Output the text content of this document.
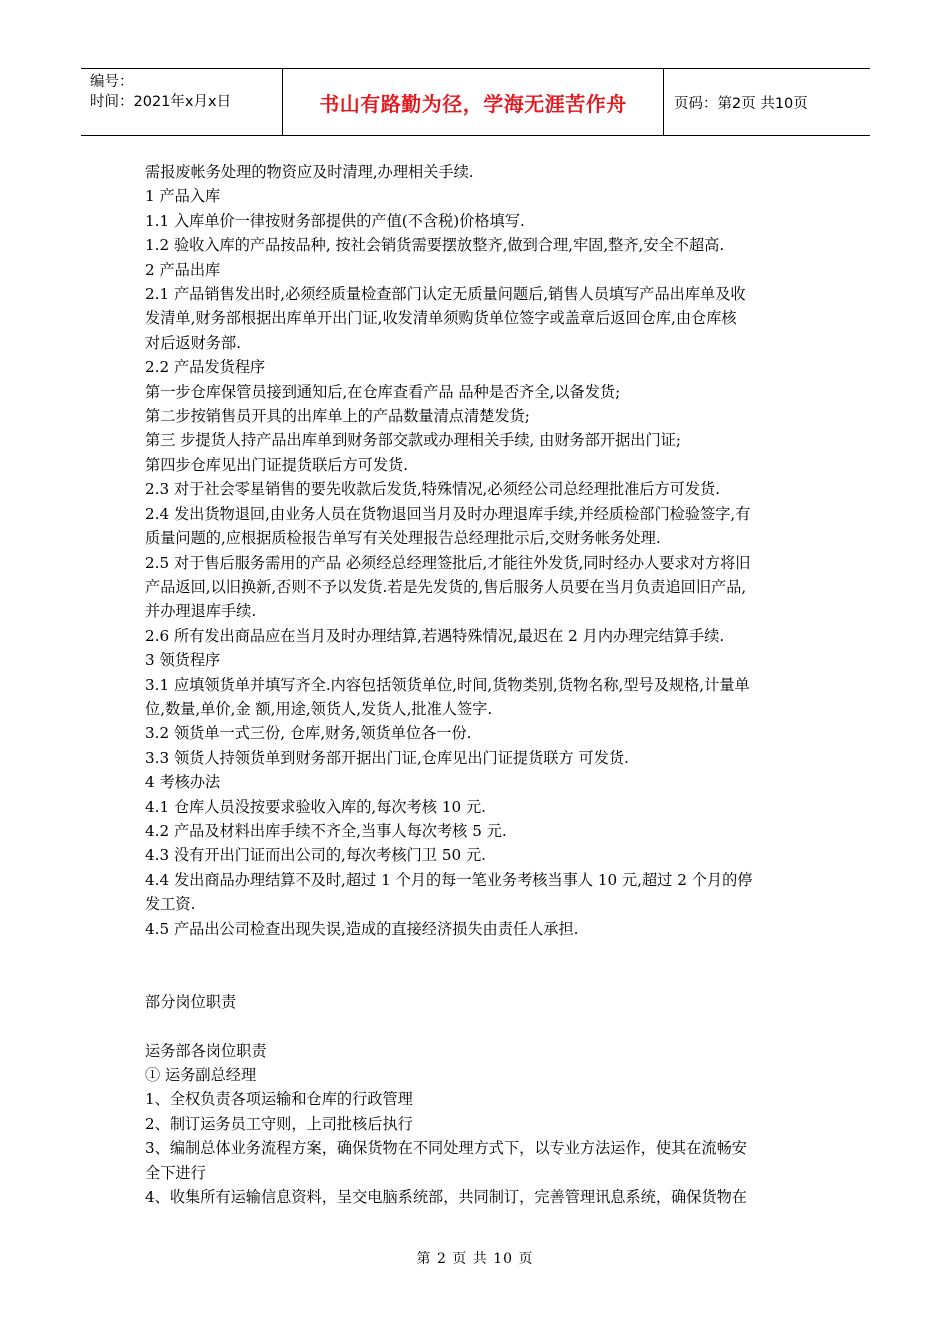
编号：
时间：2021年x月x日	书山有路勤为径，学海无涯苦作舟	页码：第2页 共10页
需报废帐务处理的物资应及时清理,办理相关手续.
1 产品入库
1.1 入库单价一律按财务部提供的产值(不含税)价格填写.
1.2 验收入库的产品按品种, 按社会销货需要摆放整齐,做到合理,牢固,整齐,安全不超高.
2 产品出库
2.1 产品销售发出时,必须经质量检查部门认定无质量问题后,销售人员填写产品出库单及收
发清单,财务部根据出库单开出门证,收发清单须购货单位签字或盖章后返回仓库,由仓库核
对后返财务部.
2.2 产品发货程序
第一步仓库保管员接到通知后,在仓库查看产品 品种是否齐全,以备发货;
第二步按销售员开具的出库单上的产品数量清点清楚发货;
第三 步提货人持产品出库单到财务部交款或办理相关手续, 由财务部开据出门证;
第四步仓库见出门证提货联后方可发货.
2.3 对于社会零星销售的要先收款后发货,特殊情况,必须经公司总经理批准后方可发货.
2.4 发出货物退回,由业务人员在货物退回当月及时办理退库手续,并经质检部门检验签字,有
质量问题的,应根据质检报告单写有关处理报告总经理批示后,交财务帐务处理.
2.5 对于售后服务需用的产品 必须经总经理签批后,才能往外发货,同时经办人要求对方将旧
产品返回,以旧换新,否则不予以发货.若是先发货的,售后服务人员要在当月负责追回旧产品,
并办理退库手续.
2.6 所有发出商品应在当月及时办理结算,若遇特殊情况,最迟在 2 月内办理完结算手续.
3 领货程序
3.1 应填领货单并填写齐全.内容包括领货单位,时间,货物类别,货物名称,型号及规格,计量单
位,数量,单价,金 额,用途,领货人,发货人,批准人签字.
3.2 领货单一式三份, 仓库,财务,领货单位各一份.
3.3 领货人持领货单到财务部开据出门证,仓库见出门证提货联方 可发货.
4 考核办法
4.1 仓库人员没按要求验收入库的,每次考核 10 元.
4.2 产品及材料出库手续不齐全,当事人每次考核 5 元.
4.3 没有开出门证而出公司的,每次考核门卫 50 元.
4.4 发出商品办理结算不及时,超过 1 个月的每一笔业务考核当事人 10 元,超过 2 个月的停
发工资.
4.5 产品出公司检查出现失误,造成的直接经济损失由责任人承担.
部分岗位职责
运务部各岗位职责
① 运务副总经理
1、全权负责各项运输和仓库的行政管理
2、制订运务员工守则，上司批核后执行
3、编制总体业务流程方案，确保货物在不同处理方式下，以专业方法运作，使其在流畅安
全下进行
4、收集所有运输信息资料，呈交电脑系统部，共同制订，完善管理讯息系统，确保货物在
第 2 页 共 10 页
